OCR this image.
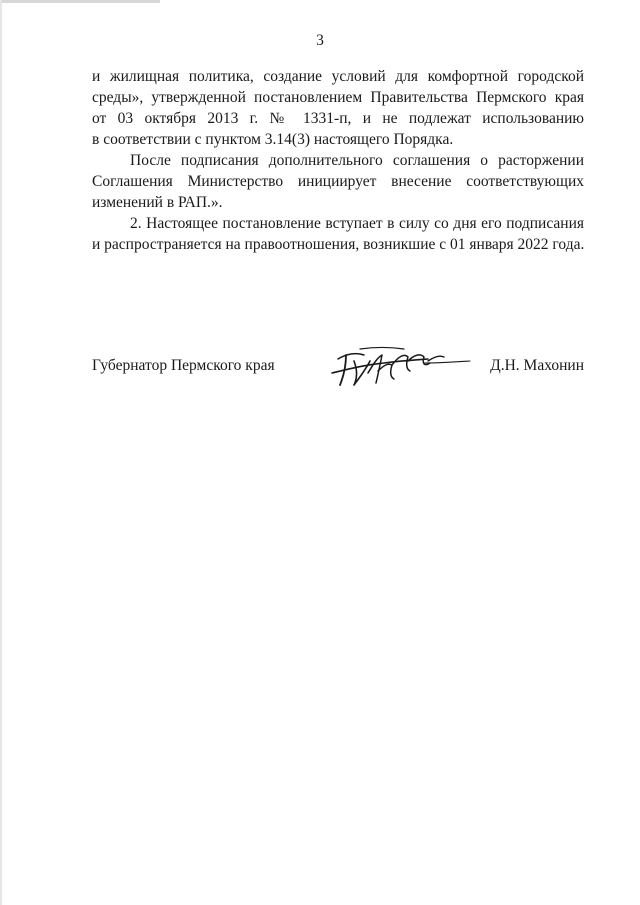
3
и жилищная политика, создание условий для комфортной городской
среды», утвержденной постановлением Правительства Пермского края
от 03 октября 2013 г. № 1331-п, и не подлежат использованию
в соответствии с пунктом 3.14(3) настоящего Порядка.
После подписания дополнительного соглашения о расторжении
Соглашения Министерство инициирует внесение соответствующих
изменений в РАП.».
2. Настоящее постановление вступает в силу со дня его подписания
и распространяется на правоотношения, возникшие с 01 января 2022 года.
Губернатор Пермского края	Д.Н. Махонин
